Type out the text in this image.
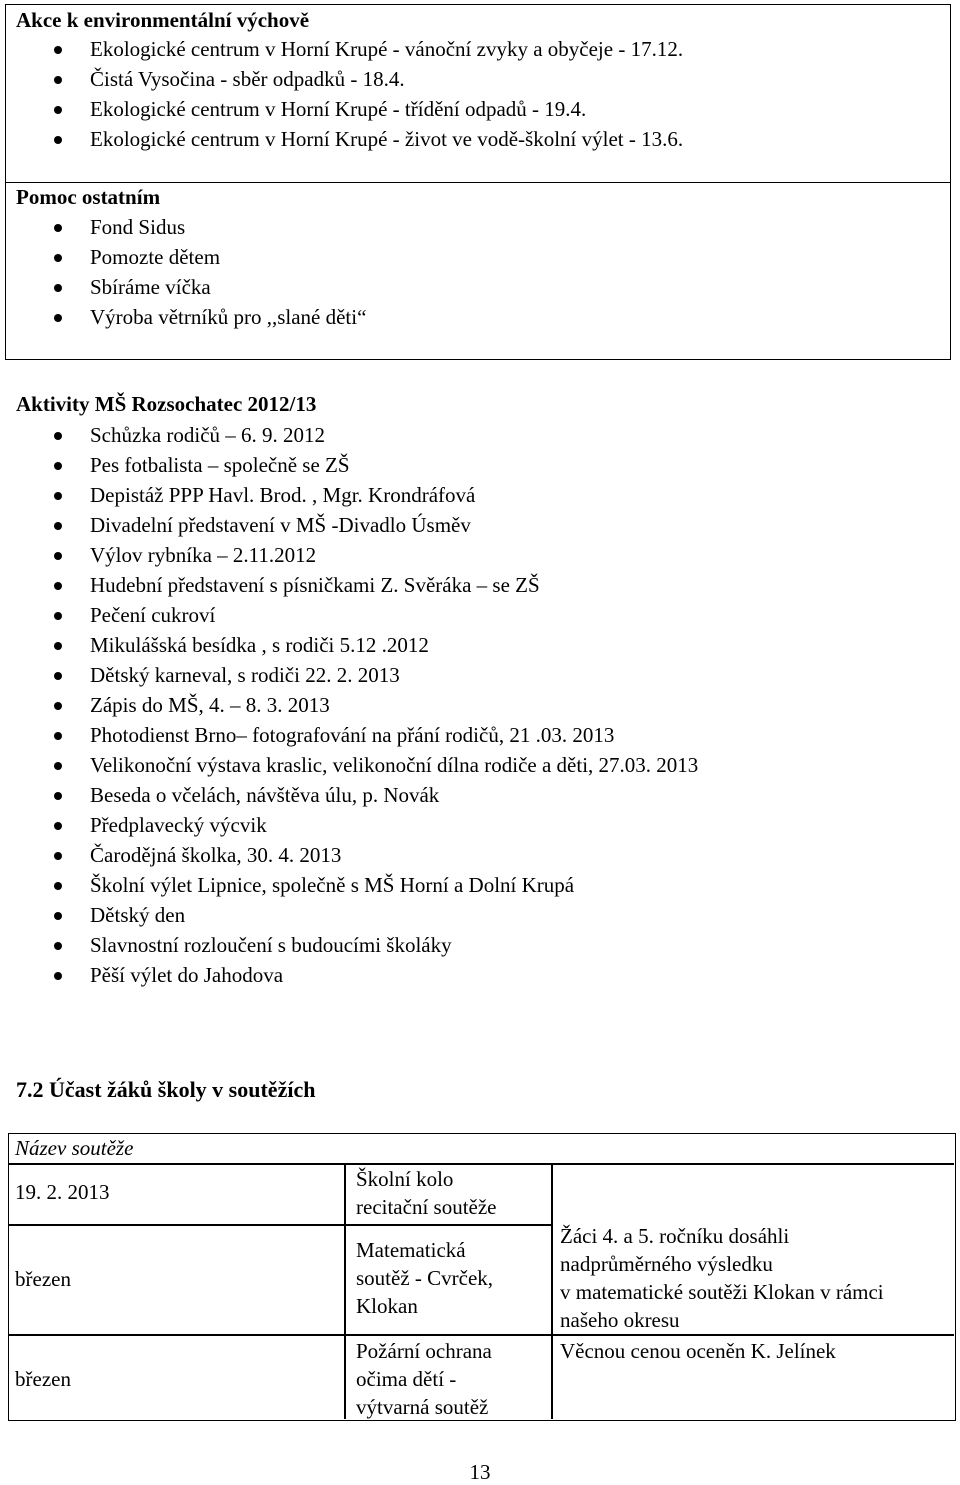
Akce k environmentální výchově
Ekologické centrum v Horní Krupé - vánoční zvyky a obyčeje - 17.12.
Čistá Vysočina - sběr odpadků - 18.4.
Ekologické centrum v Horní Krupé - třídění odpadů - 19.4.
Ekologické centrum v Horní Krupé - život ve vodě-školní výlet - 13.6.
Pomoc ostatním
Fond Sidus
Pomozte dětem
Sbíráme víčka
Výroba větrníků pro ,,slané děti“
Aktivity MŠ Rozsochatec 2012/13
Schůzka rodičů – 6. 9. 2012
Pes fotbalista – společně se ZŠ
Depistáž PPP Havl. Brod. , Mgr. Krondráfová
Divadelní představení v MŠ -Divadlo Úsměv
Výlov rybníka – 2.11.2012
Hudební představení s písničkami Z. Svěráka – se ZŠ
Pečení cukroví
Mikulášská besídka , s rodiči 5.12 .2012
Dětský karneval, s rodiči 22. 2. 2013
Zápis do MŠ, 4. – 8. 3. 2013
Photodienst Brno– fotografování na přání rodičů, 21 .03. 2013
Velikonoční výstava kraslic, velikonoční dílna rodiče a děti, 27.03. 2013
Beseda o včelách, návštěva úlu, p. Novák
Předplavecký výcvik
Čarodějná školka, 30. 4. 2013
Školní výlet Lipnice, společně s MŠ Horní a Dolní Krupá
Dětský den
Slavnostní rozloučení s budoucími školáky
Pěší výlet do Jahodova
7.2 Účast žáků školy v soutěžích
Název soutěže
19. 2. 2013
Školní kolo
recitační soutěže
březen
Matematická
soutěž - Cvrček,
Klokan
Žáci 4. a 5. ročníku dosáhli
nadprůměrného výsledku
v matematické soutěži Klokan v rámci
našeho okresu
březen
Požární ochrana
očima dětí -
výtvarná soutěž
Věcnou cenou oceněn K. Jelínek
13
